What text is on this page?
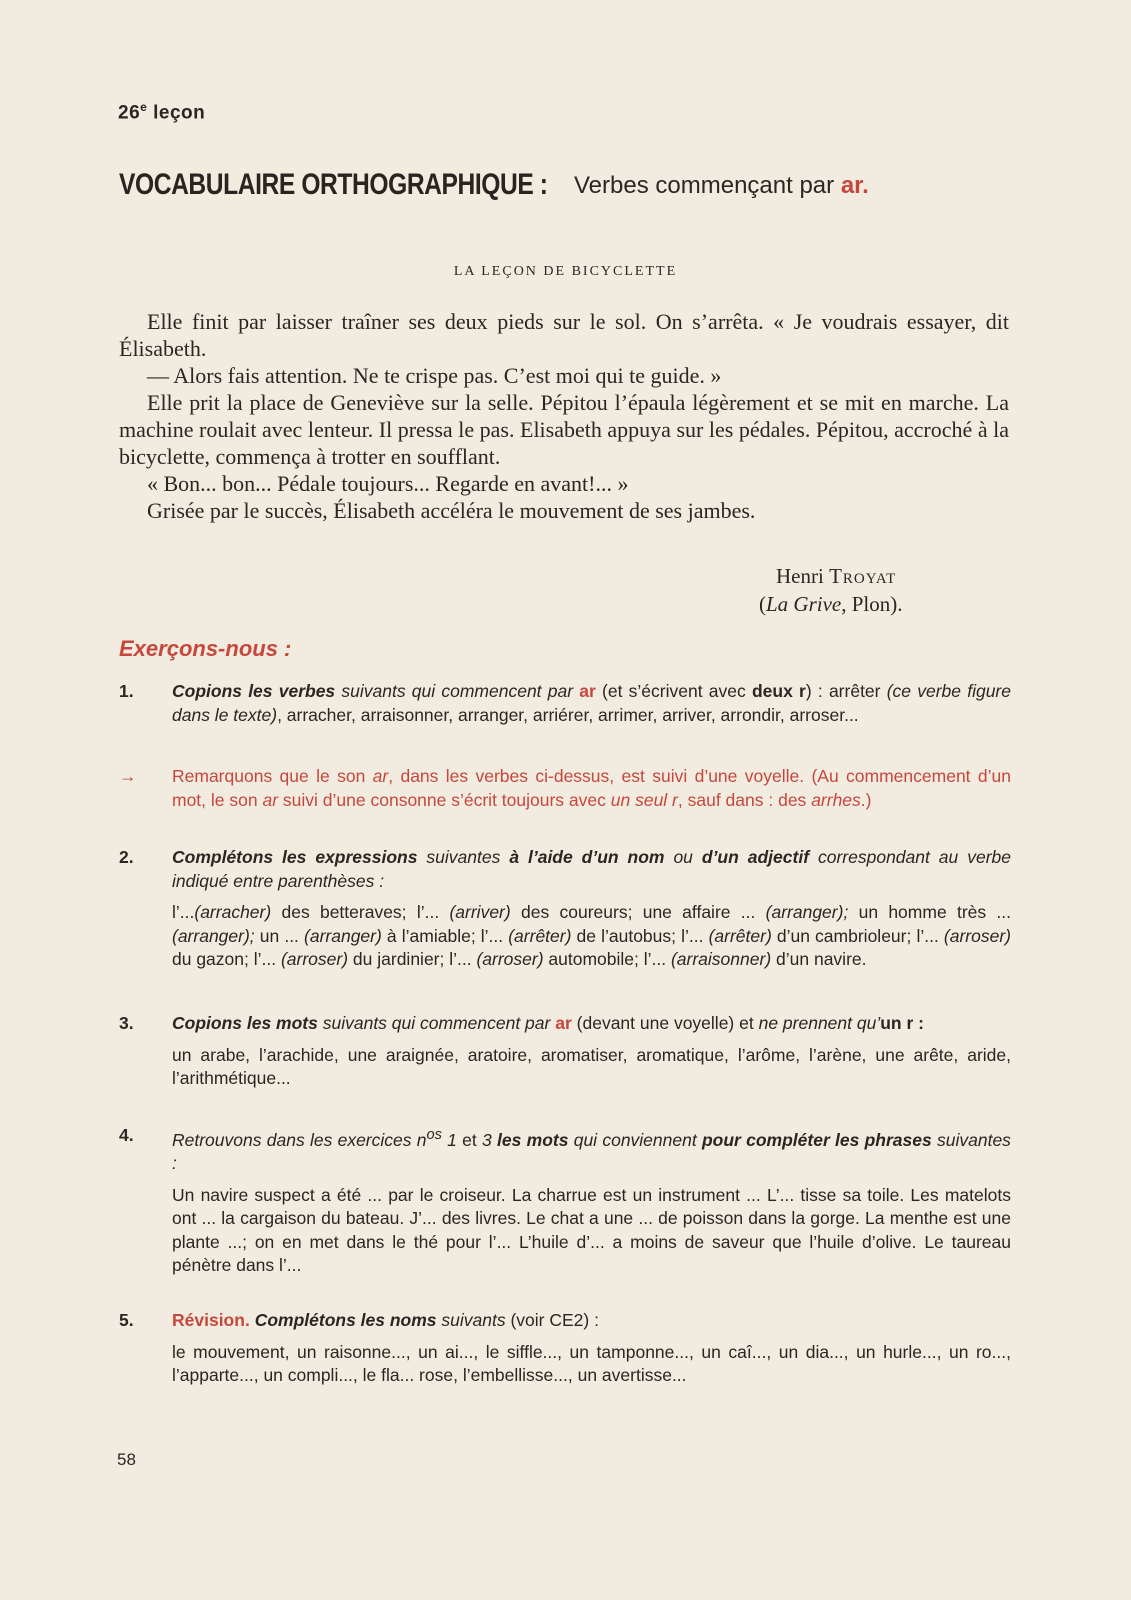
26e leçon
VOCABULAIRE ORTHOGRAPHIQUE : Verbes commençant par ar.
LA LEÇON DE BICYCLETTE

Elle finit par laisser traîner ses deux pieds sur le sol. On s’arrêta. « Je voudrais essayer, dit Élisabeth.

— Alors fais attention. Ne te crispe pas. C’est moi qui te guide. »

Elle prit la place de Geneviève sur la selle. Pépitou l’épaula légèrement et se mit en marche. La machine roulait avec lenteur. Il pressa le pas. Elisabeth appuya sur les pédales. Pépitou, accroché à la bicyclette, commença à trotter en soufflant.

« Bon... bon... Pédale toujours... Regarde en avant!... »

Grisée par le succès, Élisabeth accéléra le mouvement de ses jambes.

Henri Troyat
(La Grive, Plon).
Exerçons-nous :
1. Copions les verbes suivants qui commencent par ar (et s’écrivent avec deux r) : arrêter (ce verbe figure dans le texte), arracher, arraisonner, arranger, arriérer, arrimer, arriver, arrondir, arroser...

→ Remarquons que le son ar, dans les verbes ci-dessus, est suivi d’une voyelle. (Au commencement d’un mot, le son ar suivi d’une consonne s’écrit toujours avec un seul r, sauf dans : des arrhes.)
2. Complétons les expressions suivantes à l’aide d’un nom ou d’un adjectif correspondant au verbe indiqué entre parenthèses :

l’...(arracher) des betteraves; l’... (arriver) des coureurs; une affaire ... (arranger); un homme très ... (arranger); un ... (arranger) à l’amiable; l’... (arrêter) de l’autobus; l’... (arrêter) d’un cambrioleur; l’... (arroser) du gazon; l’... (arroser) du jardinier; l’... (arroser) automobile; l’... (arraisonner) d’un navire.

3. Copions les mots suivants qui commencent par ar (devant une voyelle) et ne prennent qu’un r :

un arabe, l’arachide, une araignée, aratoire, aromatiser, aromatique, l’arôme, l’arène, une arête, aride, l’arithmétique...

4. Retrouvons dans les exercices $n^{os}$ 1 et 3 les mots qui conviennent pour compléter les phrases suivantes :

Un navire suspect a été ... par le croiseur. La charrue est un instrument ... L’... tisse sa toile. Les matelots ont ... la cargaison du bateau. J’... des livres. Le chat a une ... de poisson dans la gorge. La menthe est une plante ...; on en met dans le thé pour l’... L’huile d’... a moins de saveur que l’huile d’olive. Le taureau pénètre dans l’...

5. Révision. Complétons les noms suivants (voir CE2) :

le mouvement, un raisonne..., un ai..., le siffle..., un tamponne..., un caî..., un dia..., un hurle..., un ro..., l’apparte..., un compli..., le fla... rose, l’embellisse..., un avertisse...

58
